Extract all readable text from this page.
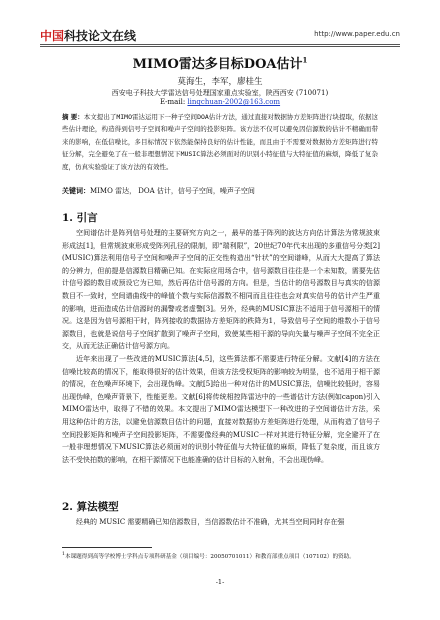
中国 科技论文在线	http://www.paper.edu.cn
MIMO雷达多目标DOA估计$^1$
莫海生，李军，廖桂生
西安电子科技大学雷达信号处理国家重点实验室，陕西西安 (710071)
E-mail: linqchuan-2002@163.com
摘 要：本文提出了MIMO雷达运用下一种子空间DOA估计方法，通过直接对数据协方差矩阵进行块提取，依据这些估计理论，构造得到信号子空间和噪声子空间的投影矩阵。该方法不仅可以避免因信源数的估计不精确而带来的影响，在低信噪比，多目标情况下依然能保持良好的估计性能，而且由于不需要对数据协方差矩阵进行特征分解，完全避免了在一般非理想情况下MUSIC算法必须面对的识别小特征值与大特征值的麻烦，降低了复杂度，仿真实验验证了该方法的有效性。
关键词：MIMO 雷达， DOA 估计，信号子空间，噪声子空间
1. 引言

空间谱估计是阵列信号处理的主要研究方向之一，最早的基于阵列的波达方向估计算法为常规波束形成法[1]，但常规波束形成受阵列孔径的限制，即“瑞利限”，20世纪70年代末出现的多重信号分类[2](MUSIC)算法利用信号子空间和噪声子空间的正交性构造出“针状”的空间谱峰，从而大大提高了算法的分辨力，但前提是信源数目精确已知。在实际应用场合中，信号源数目往往是一个未知数，需要先估计信号源的数目或预设它为已知，然后再估计信号源的方向。但是，当估计的信号源数目与真实的信源数目不一致时，空间谱曲线中的峰值个数与实际信源数不相同而且往往也会对真实信号的估计产生严重的影响，进而造成估计信源时的漏警或者虚警[3]。另外，经典的MUSIC算法不适用于信号源相干的情况。这是因为信号源相干时，阵列接收的数据协方差矩阵的秩降为1，导致信号子空间的维数小于信号源数目，也就是说信号子空间扩散到了噪声子空间，致使某些相干源的导向矢量与噪声子空间不完全正交，从而无法正确估计信号源方向。

近年来出现了一些改进的MUSIC算法[4,5]，这些算法都不需要进行特征分解。文献[4]的方法在信噪比较高的情况下，能取得很好的估计效果，但该方法受权矩阵的影响较为明显，也不适用于相干源的情况，在色噪声环境下，会出现伪峰。文献[5]给出一种对估计的MUSIC算法，信噪比较低时，容易出现伪峰，色噪声背景下，性能更差。文献[6]将传统相控阵雷达中的一些谱估计方法(例如capon)引入MIMO雷达中，取得了不错的效果。本文提出了MIMO雷达模型下一种改进的子空间谱估计方法，采用这种估计的方法，以避免信源数目估计的问题，直接对数据协方差矩阵进行处理，从而构造了信号子空间投影矩阵和噪声子空间投影矩阵，不需要像经典的MUSIC一样对其进行特征分解，完全避开了在一般非理想情况下MUSIC算法必须面对的识别小特征值与大特征值的麻烦，降低了复杂度，而且该方法不受快拍数的影响，在相干源情况下也能准确的估计目标的入射角，不会出现伪峰。

2. 算法模型

经典的 MUSIC 需要精确已知信源数目，当信源数估计不准确，尤其当空间同时存在强

$^1$本课题得到高等学校博士学科点专项科研基金（项目编号：20050701011）和教育部重点项目（107102）的资助。
-1-
